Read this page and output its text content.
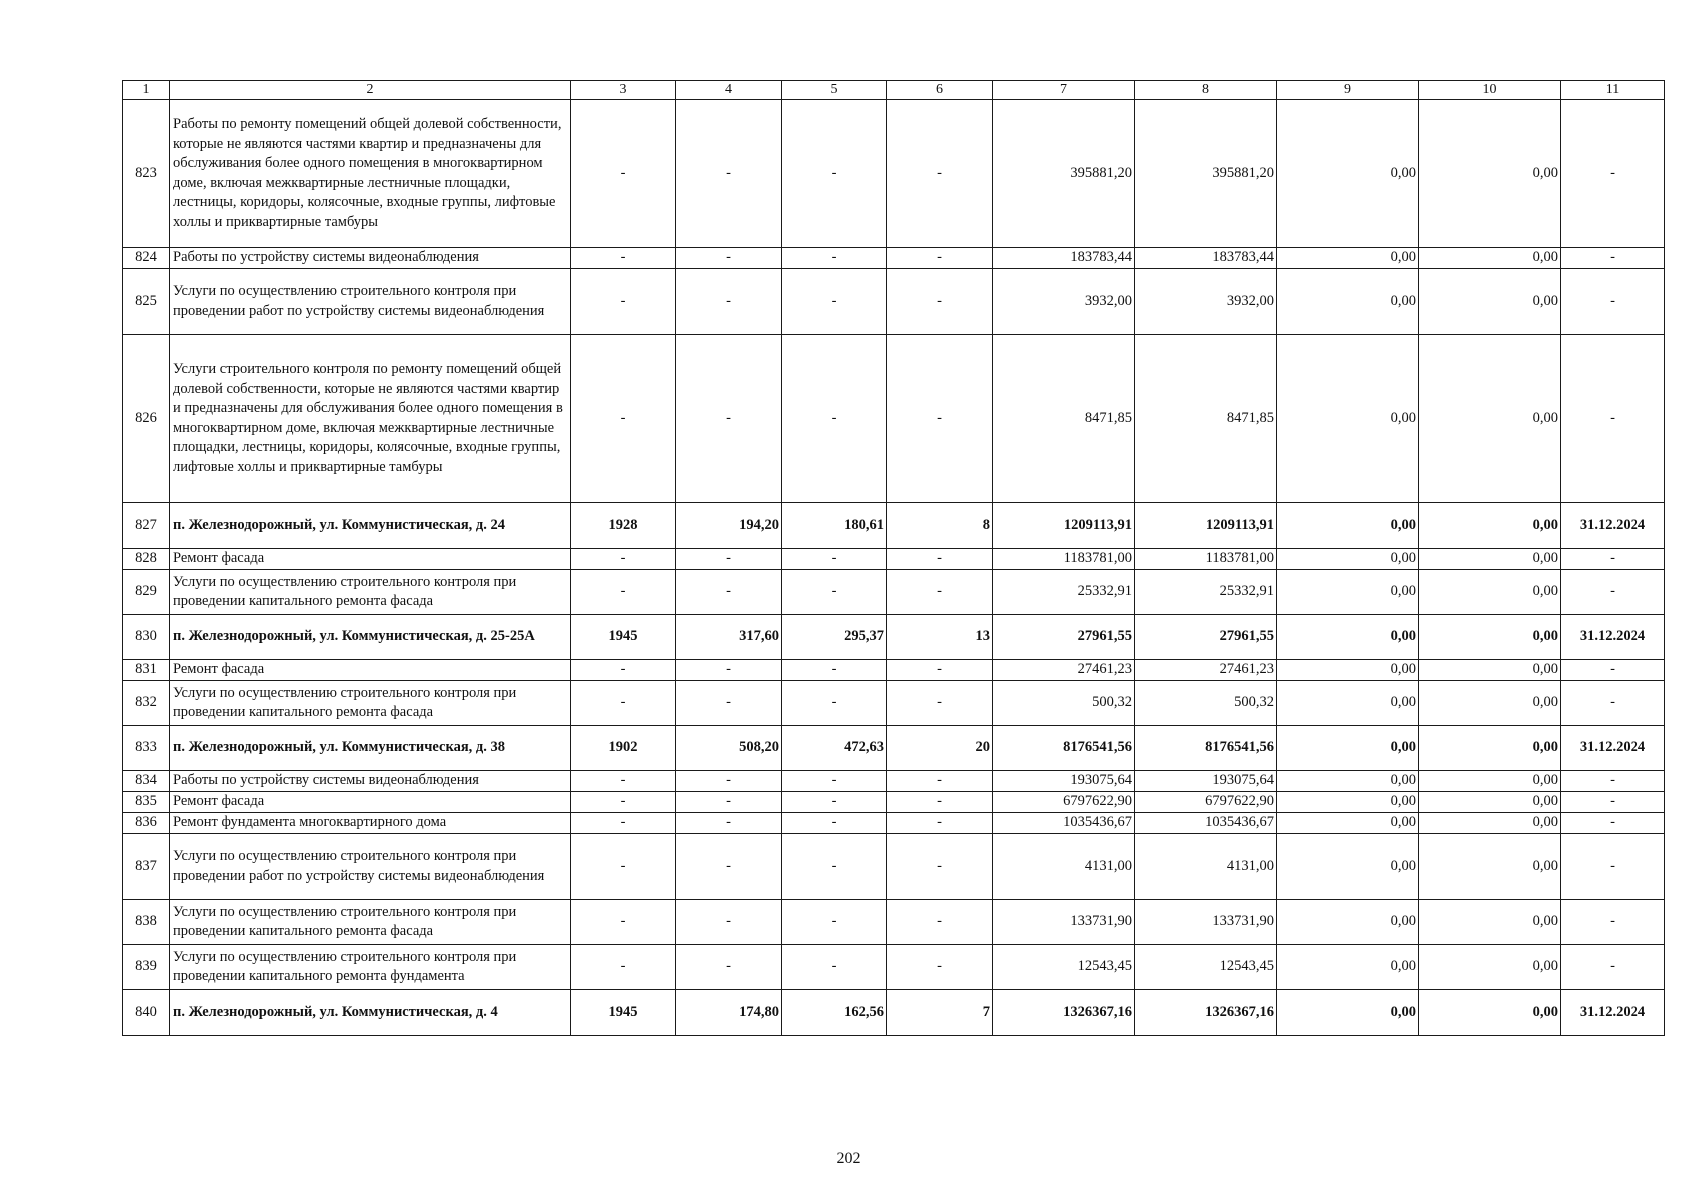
1	2	3	4	5	6	7	8	9	10	11
823	Работы по ремонту помещений общей долевой собственности, которые не являются частями квартир и предназначены для обслуживания более одного помещения в многоквартирном доме, включая межквартирные лестничные площадки, лестницы, коридоры, колясочные, входные группы, лифтовые холлы и приквартирные тамбуры	-	-	-	-	395881,20	395881,20	0,00	0,00	-
824	Работы по устройству системы видеонаблюдения	-	-	-	-	183783,44	183783,44	0,00	0,00	-
825	Услуги по осуществлению строительного контроля при проведении работ по устройству системы видеонаблюдения	-	-	-	-	3932,00	3932,00	0,00	0,00	-
826	Услуги строительного контроля по ремонту помещений общей долевой собственности, которые не являются частями квартир и предназначены для обслуживания более одного помещения в многоквартирном доме, включая межквартирные лестничные площадки, лестницы, коридоры, колясочные, входные группы, лифтовые холлы и приквартирные тамбуры	-	-	-	-	8471,85	8471,85	0,00	0,00	-
827	п. Железнодорожный, ул. Коммунистическая, д. 24	1928	194,20	180,61	8	1209113,91	1209113,91	0,00	0,00	31.12.2024
828	Ремонт фасада	-	-	-	-	1183781,00	1183781,00	0,00	0,00	-
829	Услуги по осуществлению строительного контроля при проведении капитального ремонта фасада	-	-	-	-	25332,91	25332,91	0,00	0,00	-
830	п. Железнодорожный, ул. Коммунистическая, д. 25-25А	1945	317,60	295,37	13	27961,55	27961,55	0,00	0,00	31.12.2024
831	Ремонт фасада	-	-	-	-	27461,23	27461,23	0,00	0,00	-
832	Услуги по осуществлению строительного контроля при проведении капитального ремонта фасада	-	-	-	-	500,32	500,32	0,00	0,00	-
833	п. Железнодорожный, ул. Коммунистическая, д. 38	1902	508,20	472,63	20	8176541,56	8176541,56	0,00	0,00	31.12.2024
834	Работы по устройству системы видеонаблюдения	-	-	-	-	193075,64	193075,64	0,00	0,00	-
835	Ремонт фасада	-	-	-	-	6797622,90	6797622,90	0,00	0,00	-
836	Ремонт фундамента многоквартирного дома	-	-	-	-	1035436,67	1035436,67	0,00	0,00	-
837	Услуги по осуществлению строительного контроля при проведении работ по устройству системы видеонаблюдения	-	-	-	-	4131,00	4131,00	0,00	0,00	-
838	Услуги по осуществлению строительного контроля при проведении капитального ремонта фасада	-	-	-	-	133731,90	133731,90	0,00	0,00	-
839	Услуги по осуществлению строительного контроля при проведении капитального ремонта фундамента	-	-	-	-	12543,45	12543,45	0,00	0,00	-
840	п. Железнодорожный, ул. Коммунистическая, д. 4	1945	174,80	162,56	7	1326367,16	1326367,16	0,00	0,00	31.12.2024
202
